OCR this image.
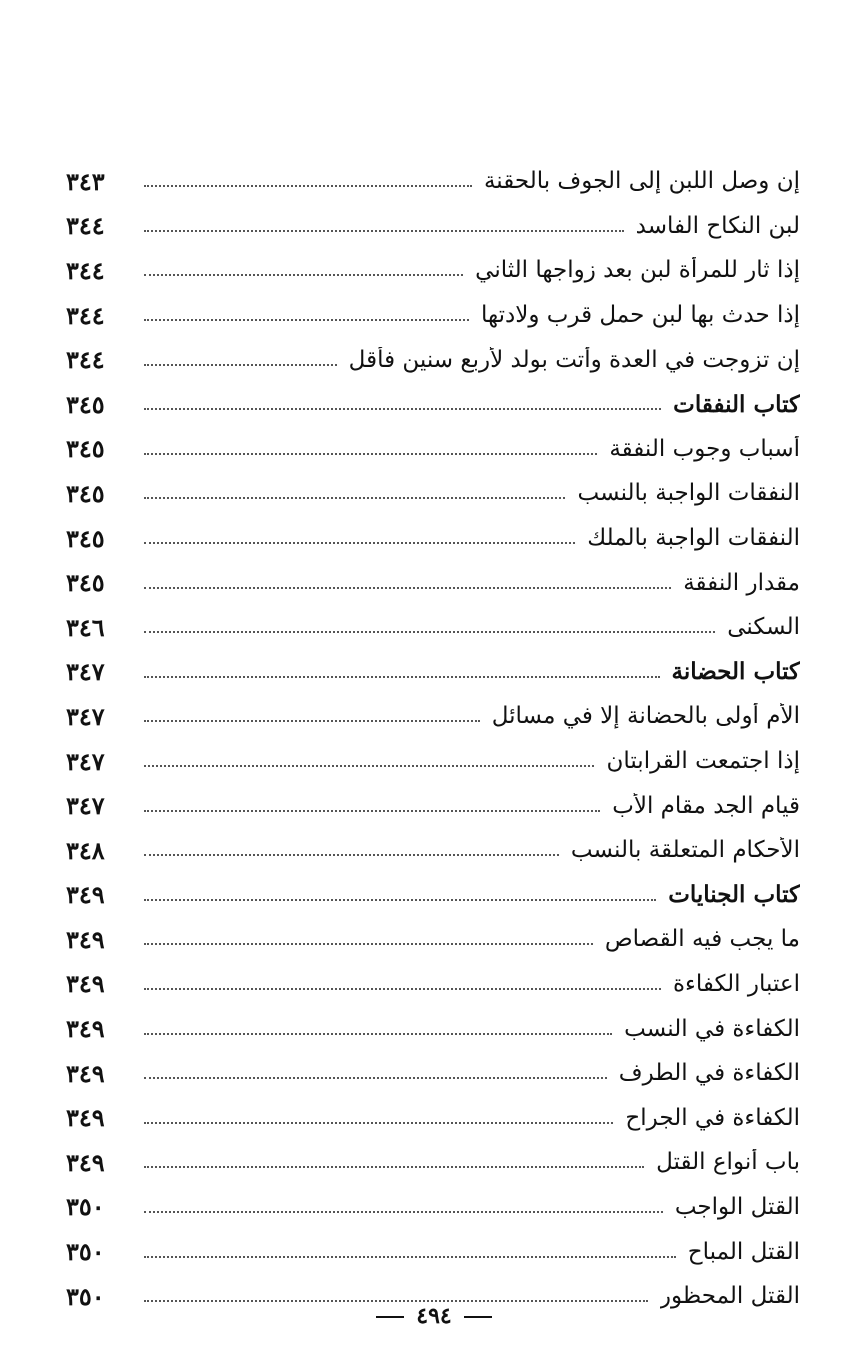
٣٤٣	إن وصل اللبن إلى الجوف بالحقنة
٣٤٤	لبن النكاح الفاسد
٣٤٤	إذا ثار للمرأة لبن بعد زواجها الثاني
٣٤٤	إذا حدث بها لبن حمل قرب ولادتها
٣٤٤	إن تزوجت في العدة وأتت بولد لأربع سنين فأقل
٣٤٥	كتاب النفقات
٣٤٥	أسباب وجوب النفقة
٣٤٥	النفقات الواجبة بالنسب
٣٤٥	النفقات الواجبة بالملك
٣٤٥	مقدار النفقة
٣٤٦	السكنى
٣٤٧	كتاب الحضانة
٣٤٧	الأم أولى بالحضانة إلا في مسائل
٣٤٧	إذا اجتمعت القرابتان
٣٤٧	قيام الجد مقام الأب
٣٤٨	الأحكام المتعلقة بالنسب
٣٤٩	كتاب الجنايات
٣٤٩	ما يجب فيه القصاص
٣٤٩	اعتبار الكفاءة
٣٤٩	الكفاءة في النسب
٣٤٩	الكفاءة في الطرف
٣٤٩	الكفاءة في الجراح
٣٤٩	باب أنواع القتل
٣٥٠	القتل الواجب
٣٥٠	القتل المباح
٣٥٠	القتل المحظور
٤٩٤
